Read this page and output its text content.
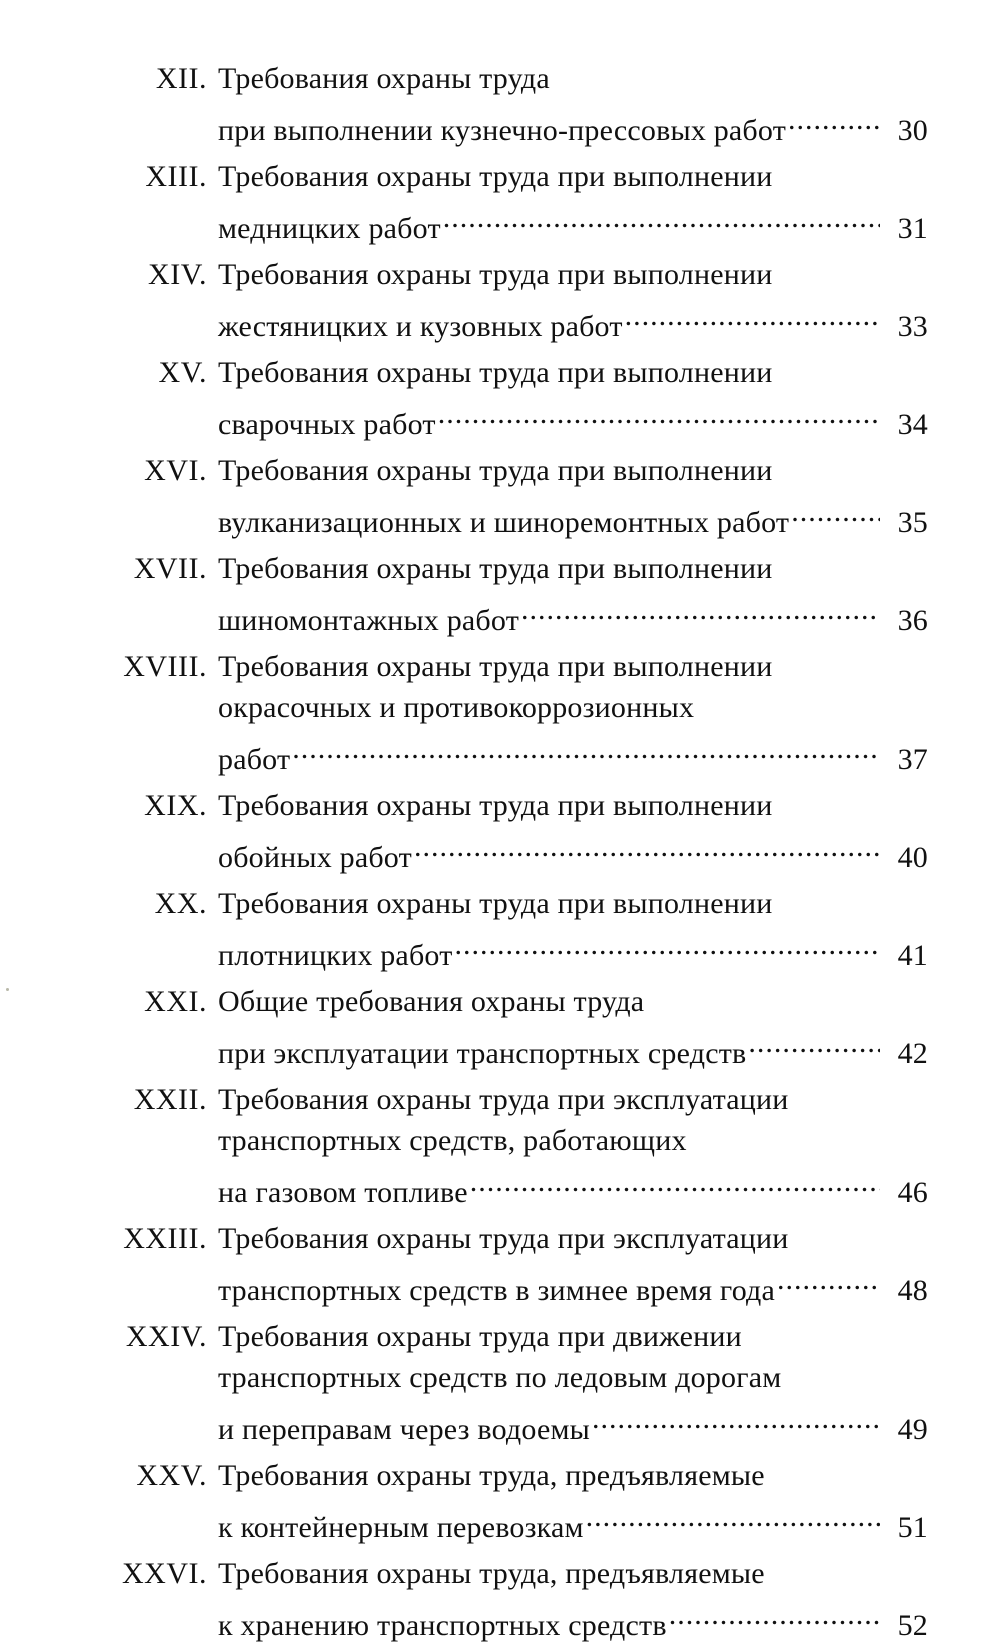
XII. Требования охраны труда
при выполнении кузнечно-прессовых работ .....	30
XIII. Требования охраны труда при выполнении
медницких работ .....	31
XIV. Требования охраны труда при выполнении
жестяницких и кузовных работ .....	33
XV. Требования охраны труда при выполнении
сварочных работ .....	34
XVI. Требования охраны труда при выполнении
вулканизационных и шиноремонтных работ .....	35
XVII. Требования охраны труда при выполнении
шиномонтажных работ .....	36
XVIII. Требования охраны труда при выполнении
окрасочных и противокоррозионных
работ .....	37
XIX. Требования охраны труда при выполнении
обойных работ .....	40
XX. Требования охраны труда при выполнении
плотницких работ .....	41
XXI. Общие требования охраны труда
при эксплуатации транспортных средств .....	42
XXII. Требования охраны труда при эксплуатации
транспортных средств, работающих
на газовом топливе .....	46
XXIII. Требования охраны труда при эксплуатации
транспортных средств в зимнее время года .....	48
XXIV. Требования охраны труда при движении
транспортных средств по ледовым дорогам
и переправам через водоемы .....	49
XXV. Требования охраны труда, предъявляемые
к контейнерным перевозкам .....	51
XXVI. Требования охраны труда, предъявляемые
к хранению транспортных средств .....	52
